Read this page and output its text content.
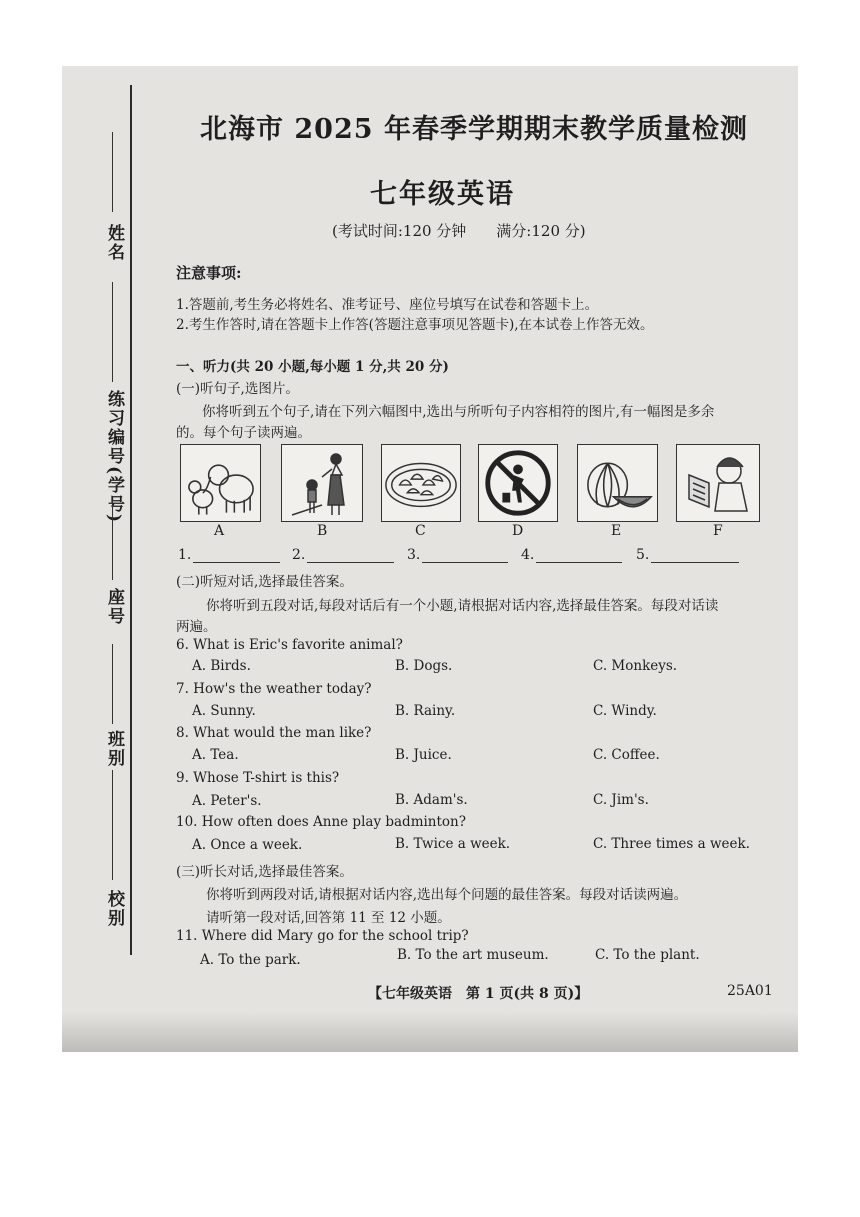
姓名
练习编号(学号)
座号
班别
校别
北海市 2025 年春季学期期末教学质量检测
七年级英语
(考试时间:120 分钟　　满分:120 分)
注意事项:
1.答题前,考生务必将姓名、准考证号、座位号填写在试卷和答题卡上。
2.考生作答时,请在答题卡上作答(答题注意事项见答题卡),在本试卷上作答无效。
一、听力(共 20 小题,每小题 1 分,共 20 分)
(一)听句子,选图片。
你将听到五个句子,请在下列六幅图中,选出与所听句子内容相符的图片,有一幅图是多余
的。每个句子读两遍。
A	B	C	D	E	F
1.	2.	3.	4.	5.
(二)听短对话,选择最佳答案。
你将听到五段对话,每段对话后有一个小题,请根据对话内容,选择最佳答案。每段对话读
两遍。
6. What is Eric's favorite animal?
A. Birds.	B. Dogs.	C. Monkeys.
7. How's the weather today?
A. Sunny.	B. Rainy.	C. Windy.
8. What would the man like?
A. Tea.	B. Juice.	C. Coffee.
9. Whose T-shirt is this?
A. Peter's.	B. Adam's.	C. Jim's.
10. How often does Anne play badminton?
A. Once a week.	B. Twice a week.	C. Three times a week.
(三)听长对话,选择最佳答案。
你将听到两段对话,请根据对话内容,选出每个问题的最佳答案。每段对话读两遍。
请听第一段对话,回答第 11 至 12 小题。
11. Where did Mary go for the school trip?
A. To the park.	B. To the art museum.	C. To the plant.
【七年级英语　第 1 页(共 8 页)】	25A01
